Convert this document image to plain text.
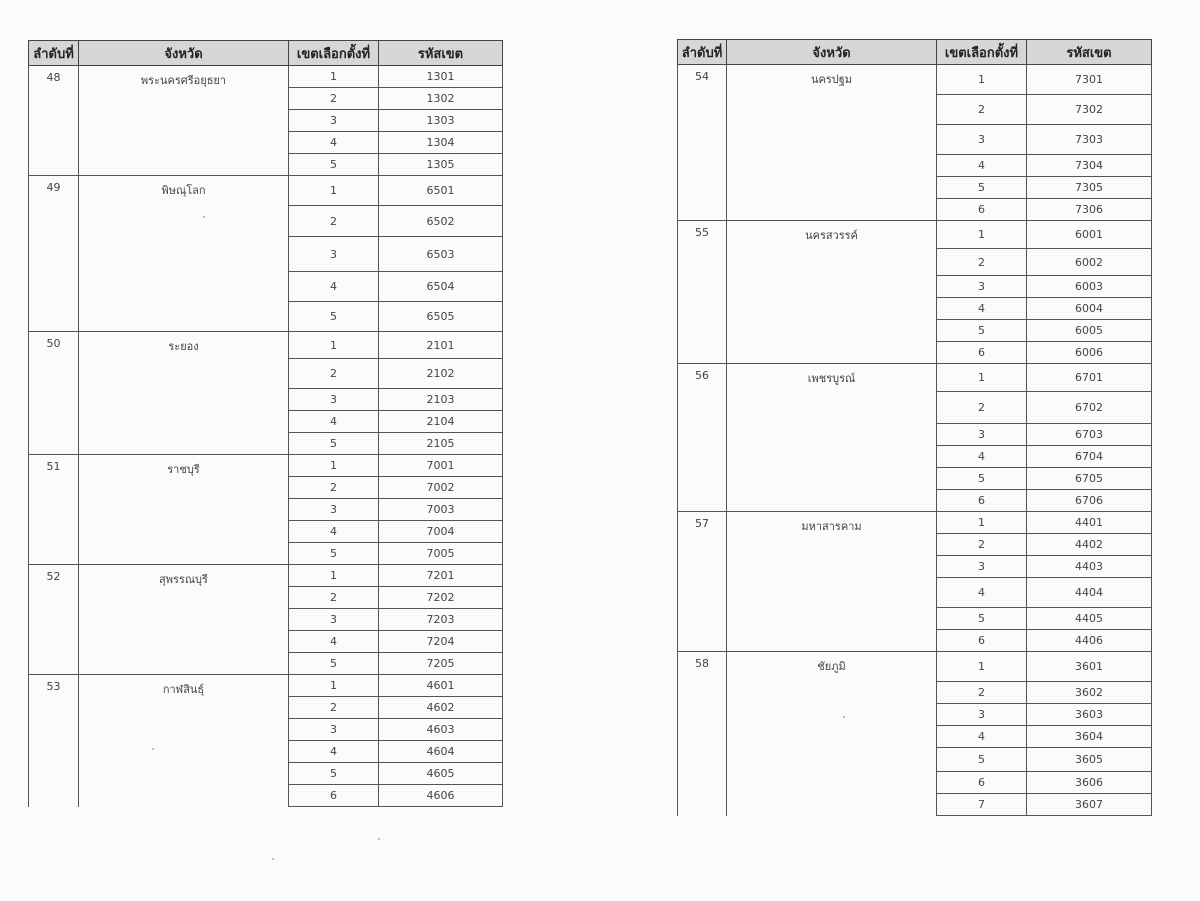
ลำดับที่	จังหวัด	เขตเลือกตั้งที่	รหัสเขต
48	พระนครศรีอยุธยา	1	1301
		2	1302
		3	1303
		4	1304
		5	1305
49	พิษณุโลก	1	6501
		2	6502
		3	6503
		4	6504
		5	6505
50	ระยอง	1	2101
		2	2102
		3	2103
		4	2104
		5	2105
51	ราชบุรี	1	7001
		2	7002
		3	7003
		4	7004
		5	7005
52	สุพรรณบุรี	1	7201
		2	7202
		3	7203
		4	7204
		5	7205
53	กาฬสินธุ์	1	4601
		2	4602
		3	4603
		4	4604
		5	4605
		6	4606
ลำดับที่	จังหวัด	เขตเลือกตั้งที่	รหัสเขต
54	นครปฐม	1	7301
		2	7302
		3	7303
		4	7304
		5	7305
		6	7306
55	นครสวรรค์	1	6001
		2	6002
		3	6003
		4	6004
		5	6005
		6	6006
56	เพชรบูรณ์	1	6701
		2	6702
		3	6703
		4	6704
		5	6705
		6	6706
57	มหาสารคาม	1	4401
		2	4402
		3	4403
		4	4404
		5	4405
		6	4406
58	ชัยภูมิ	1	3601
		2	3602
		3	3603
		4	3604
		5	3605
		6	3606
		7	3607
